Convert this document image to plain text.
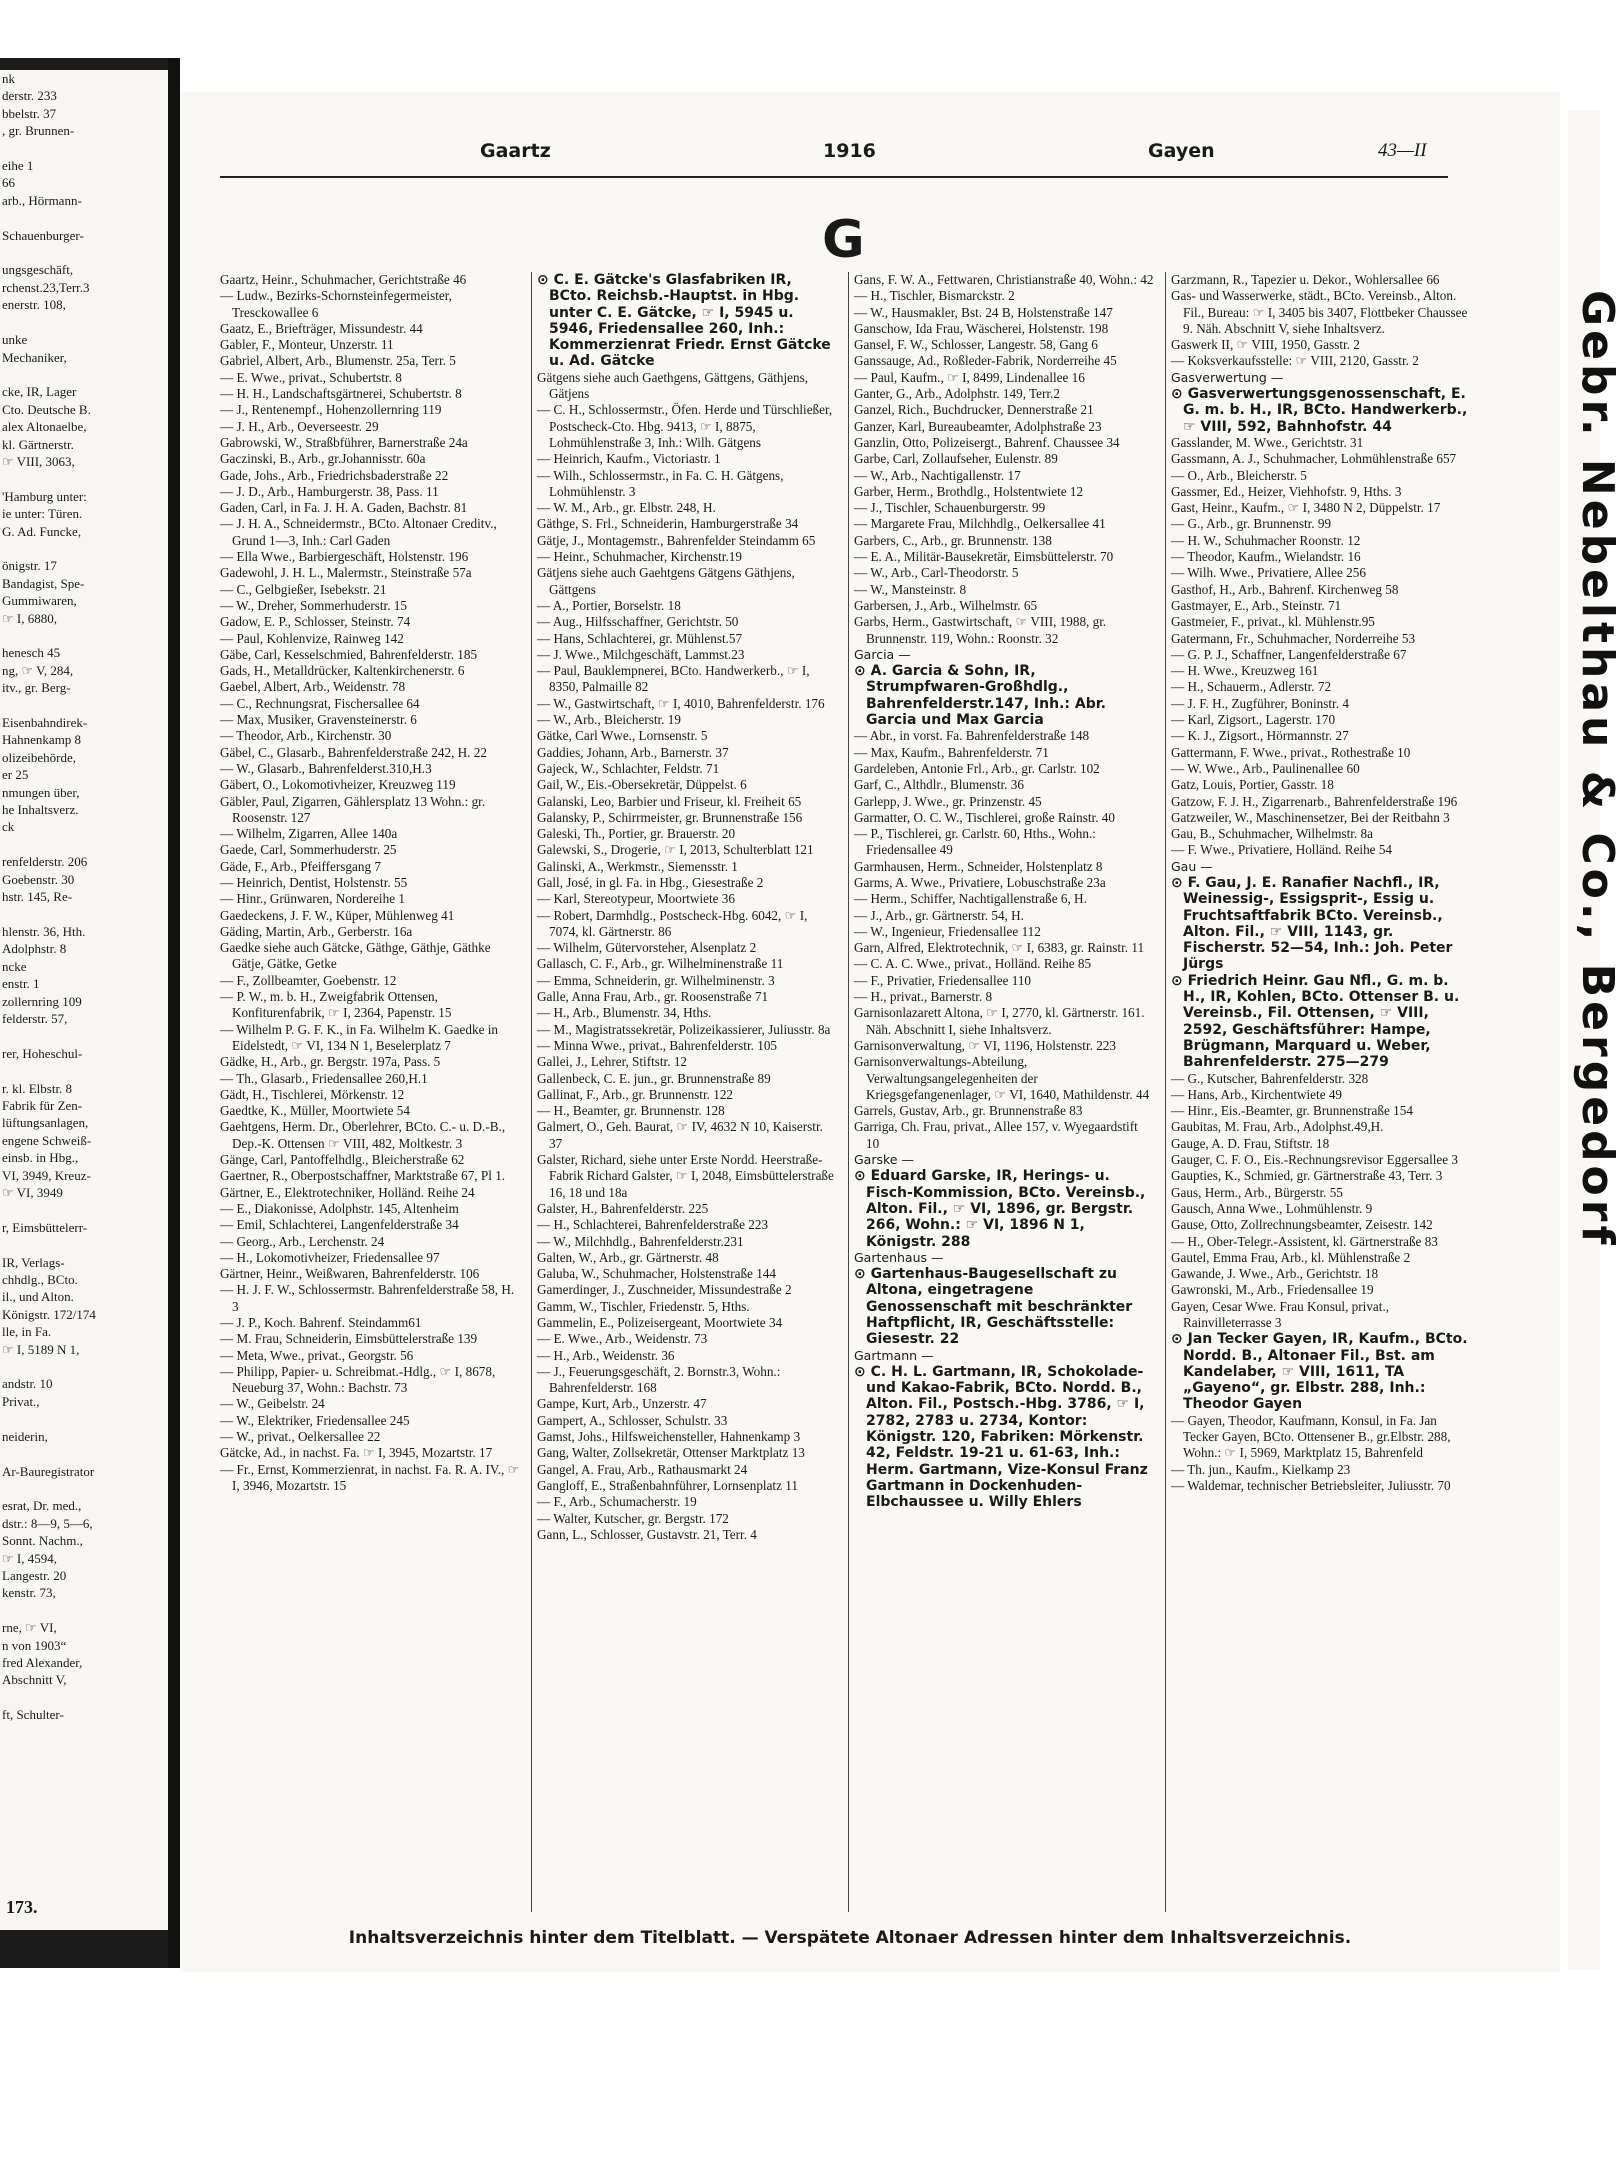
nk
derstr. 233
bbelstr. 37
, gr. Brunnen-

eihe 1
66
arb., Hörmann-

Schauenburger-

ungsgeschäft,
rchenst.23,Terr.3
enerstr. 108,

unke
Mechaniker,

cke, IR, Lager
Cto. Deutsche B.
alex Altonaelbe,
kl. Gärtnerstr.
☞ VIII, 3063,

'Hamburg unter:
ie unter: Türen.
G. Ad. Funcke,

önigstr. 17
Bandagist, Spe-
Gummiwaren,
☞ I, 6880,

henesch 45
ng, ☞ V, 284,
itv., gr. Berg-

Eisenbahndirek-
Hahnenkamp 8
olizeibehörde,
er 25
nmungen über,
he Inhaltsverz.
ck

renfelderstr. 206
Goebenstr. 30
hstr. 145, Re-

hlenstr. 36, Hth.
Adolphstr. 8
ncke
enstr. 1
zollernring 109
felderstr. 57,

rer, Hoheschul-

r. kl. Elbstr. 8
Fabrik für Zen-
lüftungsanlagen,
engene Schweiß-
einsb. in Hbg.,
VI, 3949, Kreuz-
☞ VI, 3949

r, Eimsbüttelerr-

IR, Verlags-
chhdlg., BCto.
il., und Alton.
Königstr. 172/174
lle, in Fa.
☞ I, 5189 N 1,

andstr. 10
Privat.,

neiderin,

Ar-Bauregistrator

esrat, Dr. med.,
dstr.: 8—9, 5—6,
Sonnt. Nachm.,
☞ I, 4594,
Langestr. 20
kenstr. 73,

rne, ☞ VI,
n von 1903“
fred Alexander,
Abschnitt V,

ft, Schulter-
173.
Gebr. Nebelthau & Co., Bergedorf
Gaartz	1916	Gayen	43—II
G

Gaartz, Heinr., Schuhmacher, Gerichtstraße 46

— Ludw., Bezirks-Schornsteinfegermeister, Tresckowallee 6

Gaatz, E., Briefträger, Missundestr. 44

Gabler, F., Monteur, Unzerstr. 11

Gabriel, Albert, Arb., Blumenstr. 25a, Terr. 5

— E. Wwe., privat., Schubertstr. 8

— H. H., Landschaftsgärtnerei, Schubertstr. 8

— J., Rentenempf., Hohenzollernring 119

— J. H., Arb., Oeverseestr. 29

Gabrowski, W., Straßbführer, Barnerstraße 24a

Gaczinski, B., Arb., gr.Johannisstr. 60a

Gade, Johs., Arb., Friedrichsbaderstraße 22

— J. D., Arb., Hamburgerstr. 38, Pass. 11

Gaden, Carl, in Fa. J. H. A. Gaden, Bachstr. 81

— J. H. A., Schneidermstr., BCto. Altonaer Creditv., Grund 1—3, Inh.: Carl Gaden

— Ella Wwe., Barbiergeschäft, Holstenstr. 196

Gadewohl, J. H. L., Malermstr., Steinstraße 57a

— C., Gelbgießer, Isebekstr. 21

— W., Dreher, Sommerhuderstr. 15

Gadow, E. P., Schlosser, Steinstr. 74

— Paul, Kohlenvize, Rainweg 142

Gäbe, Carl, Kesselschmied, Bahrenfelderstr. 185

Gads, H., Metalldrücker, Kaltenkirchenerstr. 6

Gaebel, Albert, Arb., Weidenstr. 78

— C., Rechnungsrat, Fischersallee 64

— Max, Musiker, Gravensteinerstr. 6

— Theodor, Arb., Kirchenstr. 30

Gäbel, C., Glasarb., Bahrenfelderstraße 242, H. 22

— W., Glasarb., Bahrenfelderst.310,H.3

Gäbert, O., Lokomotivheizer, Kreuzweg 119

Gäbler, Paul, Zigarren, Gählersplatz 13 Wohn.: gr. Roosenstr. 127

— Wilhelm, Zigarren, Allee 140a

Gaede, Carl, Sommerhuderstr. 25

Gäde, F., Arb., Pfeiffersgang 7

— Heinrich, Dentist, Holstenstr. 55

— Hinr., Grünwaren, Nordereihe 1

Gaedeckens, J. F. W., Küper, Mühlenweg 41

Gäding, Martin, Arb., Gerberstr. 16a

Gaedke siehe auch Gätcke, Gäthge, Gäthje, Gäthke Gätje, Gätke, Getke

— F., Zollbeamter, Goebenstr. 12

— P. W., m. b. H., Zweigfabrik Ottensen, Konfiturenfabrik, ☞ I, 2364, Papenstr. 15

— Wilhelm P. G. F. K., in Fa. Wilhelm K. Gaedke in Eidelstedt, ☞ VI, 134 N 1, Beselerplatz 7

Gädke, H., Arb., gr. Bergstr. 197a, Pass. 5

— Th., Glasarb., Friedensallee 260,H.1

Gädt, H., Tischlerei, Mörkenstr. 12

Gaedtke, K., Müller, Moortwiete 54

Gaehtgens, Herm. Dr., Oberlehrer, BCto. C.- u. D.-B., Dep.-K. Ottensen ☞ VIII, 482, Moltkestr. 3

Gänge, Carl, Pantoffelhdlg., Bleicherstraße 62

Gaertner, R., Oberpostschaffner, Marktstraße 67, Pl 1.

Gärtner, E., Elektrotechniker, Holländ. Reihe 24

— E., Diakonisse, Adolphstr. 145, Altenheim

— Emil, Schlachterei, Langenfelderstraße 34

— Georg., Arb., Lerchenstr. 24

— H., Lokomotivheizer, Friedensallee 97

Gärtner, Heinr., Weißwaren, Bahrenfelderstr. 106

— H. J. F. W., Schlossermstr. Bahrenfelderstraße 58, H. 3

— J. P., Koch. Bahrenf. Steindamm61

— M. Frau, Schneiderin, Eimsbüttelerstraße 139

— Meta, Wwe., privat., Georgstr. 56

— Philipp, Papier- u. Schreibmat.-Hdlg., ☞ I, 8678, Neueburg 37, Wohn.: Bachstr. 73

— W., Geibelstr. 24

— W., Elektriker, Friedensallee 245

— W., privat., Oelkersallee 22

Gätcke, Ad., in nachst. Fa. ☞ I, 3945, Mozartstr. 17

— Fr., Ernst, Kommerzienrat, in nachst. Fa. R. A. IV., ☞ I, 3946, Mozartstr. 15

⊙ C. E. Gätcke's Glasfabriken IR, BCto. Reichsb.-Hauptst. in Hbg. unter C. E. Gätcke, ☞ I, 5945 u. 5946, Friedensallee 260, Inh.: Kommerzienrat Friedr. Ernst Gätcke u. Ad. Gätcke

Gätgens siehe auch Gaethgens, Gättgens, Gäthjens, Gätjens

— C. H., Schlossermstr., Öfen. Herde und Türschließer, Postscheck-Cto. Hbg. 9413, ☞ I, 8875, Lohmühlenstraße 3, Inh.: Wilh. Gätgens

— Heinrich, Kaufm., Victoriastr. 1

— Wilh., Schlossermstr., in Fa. C. H. Gätgens, Lohmühlenstr. 3

— W. M., Arb., gr. Elbstr. 248, H.

Gäthge, S. Frl., Schneiderin, Hamburgerstraße 34

Gätje, J., Montagemstr., Bahrenfelder Steindamm 65

— Heinr., Schuhmacher, Kirchenstr.19

Gätjens siehe auch Gaehtgens Gätgens Gäthjens, Gättgens

— A., Portier, Borselstr. 18

— Aug., Hilfsschaffner, Gerichtstr. 50

— Hans, Schlachterei, gr. Mühlenst.57

— J. Wwe., Milchgeschäft, Lammst.23

— Paul, Bauklempnerei, BCto. Handwerkerb., ☞ I, 8350, Palmaille 82

— W., Gastwirtschaft, ☞ I, 4010, Bahrenfelderstr. 176

— W., Arb., Bleicherstr. 19

Gätke, Carl Wwe., Lornsenstr. 5

Gaddies, Johann, Arb., Barnerstr. 37

Gajeck, W., Schlachter, Feldstr. 71

Gail, W., Eis.-Obersekretär, Düppelst. 6

Galanski, Leo, Barbier und Friseur, kl. Freiheit 65

Galansky, P., Schirrmeister, gr. Brunnenstraße 156

Galeski, Th., Portier, gr. Brauerstr. 20

Galewski, S., Drogerie, ☞ I, 2013, Schulterblatt 121

Galinski, A., Werkmstr., Siemensstr. 1

Gall, José, in gl. Fa. in Hbg., Giesestraße 2

— Karl, Stereotypeur, Moortwiete 36

— Robert, Darmhdlg., Postscheck-Hbg. 6042, ☞ I, 7074, kl. Gärtnerstr. 86

— Wilhelm, Gütervorsteher, Alsenplatz 2

Gallasch, C. F., Arb., gr. Wilhelminenstraße 11

— Emma, Schneiderin, gr. Wilhelminenstr. 3

Galle, Anna Frau, Arb., gr. Roosenstraße 71

— H., Arb., Blumenstr. 34, Hths.

— M., Magistratssekretär, Polizeikassierer, Juliusstr. 8a

— Minna Wwe., privat., Bahrenfelderstr. 105

Gallei, J., Lehrer, Stiftstr. 12

Gallenbeck, C. E. jun., gr. Brunnenstraße 89

Gallinat, F., Arb., gr. Brunnenstr. 122

— H., Beamter, gr. Brunnenstr. 128

Galmert, O., Geh. Baurat, ☞ IV, 4632 N 10, Kaiserstr. 37

Galster, Richard, siehe unter Erste Nordd. Heerstraße-Fabrik Richard Galster, ☞ I, 2048, Eimsbüttelerstraße 16, 18 und 18a

Galster, H., Bahrenfelderstr. 225

— H., Schlachterei, Bahrenfelderstraße 223

— W., Milchhdlg., Bahrenfelderstr.231

Galten, W., Arb., gr. Gärtnerstr. 48

Galuba, W., Schuhmacher, Holstenstraße 144

Gamerdinger, J., Zuschneider, Missundestraße 2

Gamm, W., Tischler, Friedenstr. 5, Hths.

Gammelin, E., Polizeisergeant, Moortwiete 34

— E. Wwe., Arb., Weidenstr. 73

— H., Arb., Weidenstr. 36

— J., Feuerungsgeschäft, 2. Bornstr.3, Wohn.: Bahrenfelderstr. 168

Gampe, Kurt, Arb., Unzerstr. 47

Gampert, A., Schlosser, Schulstr. 33

Gamst, Johs., Hilfsweichensteller, Hahnenkamp 3

Gang, Walter, Zollsekretär, Ottenser Marktplatz 13

Gangel, A. Frau, Arb., Rathausmarkt 24

Gangloff, E., Straßenbahnführer, Lornsenplatz 11

— F., Arb., Schumacherstr. 19

— Walter, Kutscher, gr. Bergstr. 172

Gann, L., Schlosser, Gustavstr. 21, Terr. 4

Gans, F. W. A., Fettwaren, Christianstraße 40, Wohn.: 42

— H., Tischler, Bismarckstr. 2

— W., Hausmakler, Bst. 24 B, Holstenstraße 147

Ganschow, Ida Frau, Wäscherei, Holstenstr. 198

Gansel, F. W., Schlosser, Langestr. 58, Gang 6

Ganssauge, Ad., Roßleder-Fabrik, Norderreihe 45

— Paul, Kaufm., ☞ I, 8499, Lindenallee 16

Ganter, G., Arb., Adolphstr. 149, Terr.2

Ganzel, Rich., Buchdrucker, Dennerstraße 21

Ganzer, Karl, Bureaubeamter, Adolphstraße 23

Ganzlin, Otto, Polizeisergt., Bahrenf. Chaussee 34

Garbe, Carl, Zollaufseher, Eulenstr. 89

— W., Arb., Nachtigallenstr. 17

Garber, Herm., Brothdlg., Holstentwiete 12

— J., Tischler, Schauenburgerstr. 99

— Margarete Frau, Milchhdlg., Oelkersallee 41

Garbers, C., Arb., gr. Brunnenstr. 138

— E. A., Militär-Bausekretär, Eimsbüttelerstr. 70

— W., Arb., Carl-Theodorstr. 5

— W., Mansteinstr. 8

Garbersen, J., Arb., Wilhelmstr. 65

Garbs, Herm., Gastwirtschaft, ☞ VIII, 1988, gr. Brunnenstr. 119, Wohn.: Roonstr. 32

Garcia —

⊙ A. Garcia & Sohn, IR, Strumpfwaren-Großhdlg., Bahrenfelderstr.147, Inh.: Abr. Garcia und Max Garcia

— Abr., in vorst. Fa. Bahrenfelderstraße 148

— Max, Kaufm., Bahrenfelderstr. 71

Gardeleben, Antonie Frl., Arb., gr. Carlstr. 102

Garf, C., Althdlr., Blumenstr. 36

Garlepp, J. Wwe., gr. Prinzenstr. 45

Garmatter, O. C. W., Tischlerei, große Rainstr. 40

— P., Tischlerei, gr. Carlstr. 60, Hths., Wohn.: Friedensallee 49

Garmhausen, Herm., Schneider, Holstenplatz 8

Garms, A. Wwe., Privatiere, Lobuschstraße 23a

— Herm., Schiffer, Nachtigallenstraße 6, H.

— J., Arb., gr. Gärtnerstr. 54, H.

— W., Ingenieur, Friedensallee 112

Garn, Alfred, Elektrotechnik, ☞ I, 6383, gr. Rainstr. 11

— C. A. C. Wwe., privat., Holländ. Reihe 85

— F., Privatier, Friedensallee 110

— H., privat., Barnerstr. 8

Garnisonlazarett Altona, ☞ I, 2770, kl. Gärtnerstr. 161. Näh. Abschnitt I, siehe Inhaltsverz.

Garnisonverwaltung, ☞ VI, 1196, Holstenstr. 223

Garnisonverwaltungs-Abteilung, Verwaltungsangelegenheiten der Kriegsgefangenenlager, ☞ VI, 1640, Mathildenstr. 44

Garrels, Gustav, Arb., gr. Brunnenstraße 83

Garriga, Ch. Frau, privat., Allee 157, v. Wyegaardstift 10

Garske —

⊙ Eduard Garske, IR, Herings- u. Fisch-Kommission, BCto. Vereinsb., Alton. Fil., ☞ VI, 1896, gr. Bergstr. 266, Wohn.: ☞ VI, 1896 N 1, Königstr. 288

Gartenhaus —

⊙ Gartenhaus-Baugesellschaft zu Altona, eingetragene Genossenschaft mit beschränkter Haftpflicht, IR, Geschäftsstelle: Giesestr. 22

Gartmann —

⊙ C. H. L. Gartmann, IR, Schokolade- und Kakao-Fabrik, BCto. Nordd. B., Alton. Fil., Postsch.-Hbg. 3786, ☞ I, 2782, 2783 u. 2734, Kontor: Königstr. 120, Fabriken: Mörkenstr. 42, Feldstr. 19-21 u. 61-63, Inh.: Herm. Gartmann, Vize-Konsul Franz Gartmann in Dockenhuden-Elbchaussee u. Willy Ehlers

Garzmann, R., Tapezier u. Dekor., Wohlersallee 66

Gas- und Wasserwerke, städt., BCto. Vereinsb., Alton. Fil., Bureau: ☞ I, 3405 bis 3407, Flottbeker Chaussee 9. Näh. Abschnitt V, siehe Inhaltsverz.

Gaswerk II, ☞ VIII, 1950, Gasstr. 2

— Koksverkaufsstelle: ☞ VIII, 2120, Gasstr. 2

Gasverwertung —

⊙ Gasverwertungsgenossenschaft, E. G. m. b. H., IR, BCto. Handwerkerb., ☞ VIII, 592, Bahnhofstr. 44

Gasslander, M. Wwe., Gerichtstr. 31

Gassmann, A. J., Schuhmacher, Lohmühlenstraße 657

— O., Arb., Bleicherstr. 5

Gassmer, Ed., Heizer, Viehhofstr. 9, Hths. 3

Gast, Heinr., Kaufm., ☞ I, 3480 N 2, Düppelstr. 17

— G., Arb., gr. Brunnenstr. 99

— H. W., Schuhmacher Roonstr. 12

— Theodor, Kaufm., Wielandstr. 16

— Wilh. Wwe., Privatiere, Allee 256

Gasthof, H., Arb., Bahrenf. Kirchenweg 58

Gastmayer, E., Arb., Steinstr. 71

Gastmeier, F., privat., kl. Mühlenstr.95

Gatermann, Fr., Schuhmacher, Norderreihe 53

— G. P. J., Schaffner, Langenfelderstraße 67

— H. Wwe., Kreuzweg 161

— H., Schauerm., Adlerstr. 72

— J. F. H., Zugführer, Boninstr. 4

— Karl, Zigsort., Lagerstr. 170

— K. J., Zigsort., Hörmannstr. 27

Gattermann, F. Wwe., privat., Rothestraße 10

— W. Wwe., Arb., Paulinenallee 60

Gatz, Louis, Portier, Gasstr. 18

Gatzow, F. J. H., Zigarrenarb., Bahrenfelderstraße 196

Gatzweiler, W., Maschinensetzer, Bei der Reitbahn 3

Gau, B., Schuhmacher, Wilhelmstr. 8a

— F. Wwe., Privatiere, Holländ. Reihe 54

Gau —

⊙ F. Gau, J. E. Ranafier Nachfl., IR, Weinessig-, Essigsprit-, Essig u. Fruchtsaftfabrik BCto. Vereinsb., Alton. Fil., ☞ VIII, 1143, gr. Fischerstr. 52—54, Inh.: Joh. Peter Jürgs

⊙ Friedrich Heinr. Gau Nfl., G. m. b. H., IR, Kohlen, BCto. Ottenser B. u. Vereinsb., Fil. Ottensen, ☞ VIII, 2592, Geschäftsführer: Hampe, Brügmann, Marquard u. Weber, Bahrenfelderstr. 275—279

— G., Kutscher, Bahrenfelderstr. 328

— Hans, Arb., Kirchentwiete 49

— Hinr., Eis.-Beamter, gr. Brunnenstraße 154

Gaubitas, M. Frau, Arb., Adolphst.49,H.

Gauge, A. D. Frau, Stiftstr. 18

Gauger, C. F. O., Eis.-Rechnungsrevisor Eggersallee 3

Gaupties, K., Schmied, gr. Gärtnerstraße 43, Terr. 3

Gaus, Herm., Arb., Bürgerstr. 55

Gausch, Anna Wwe., Lohmühlenstr. 9

Gause, Otto, Zollrechnungsbeamter, Zeisestr. 142

— H., Ober-Telegr.-Assistent, kl. Gärtnerstraße 83

Gautel, Emma Frau, Arb., kl. Mühlenstraße 2

Gawande, J. Wwe., Arb., Gerichtstr. 18

Gawronski, M., Arb., Friedensallee 19

Gayen, Cesar Wwe. Frau Konsul, privat., Rainvilleterrasse 3

⊙ Jan Tecker Gayen, IR, Kaufm., BCto. Nordd. B., Altonaer Fil., Bst. am Kandelaber, ☞ VIII, 1611, TA „Gayeno“, gr. Elbstr. 288, Inh.: Theodor Gayen

— Gayen, Theodor, Kaufmann, Konsul, in Fa. Jan Tecker Gayen, BCto. Ottensener B., gr.Elbstr. 288, Wohn.: ☞ I, 5969, Marktplatz 15, Bahrenfeld

— Th. jun., Kaufm., Kielkamp 23

— Waldemar, technischer Betriebsleiter, Juliusstr. 70

Inhaltsverzeichnis hinter dem Titelblatt. — Verspätete Altonaer Adressen hinter dem Inhaltsverzeichnis.
